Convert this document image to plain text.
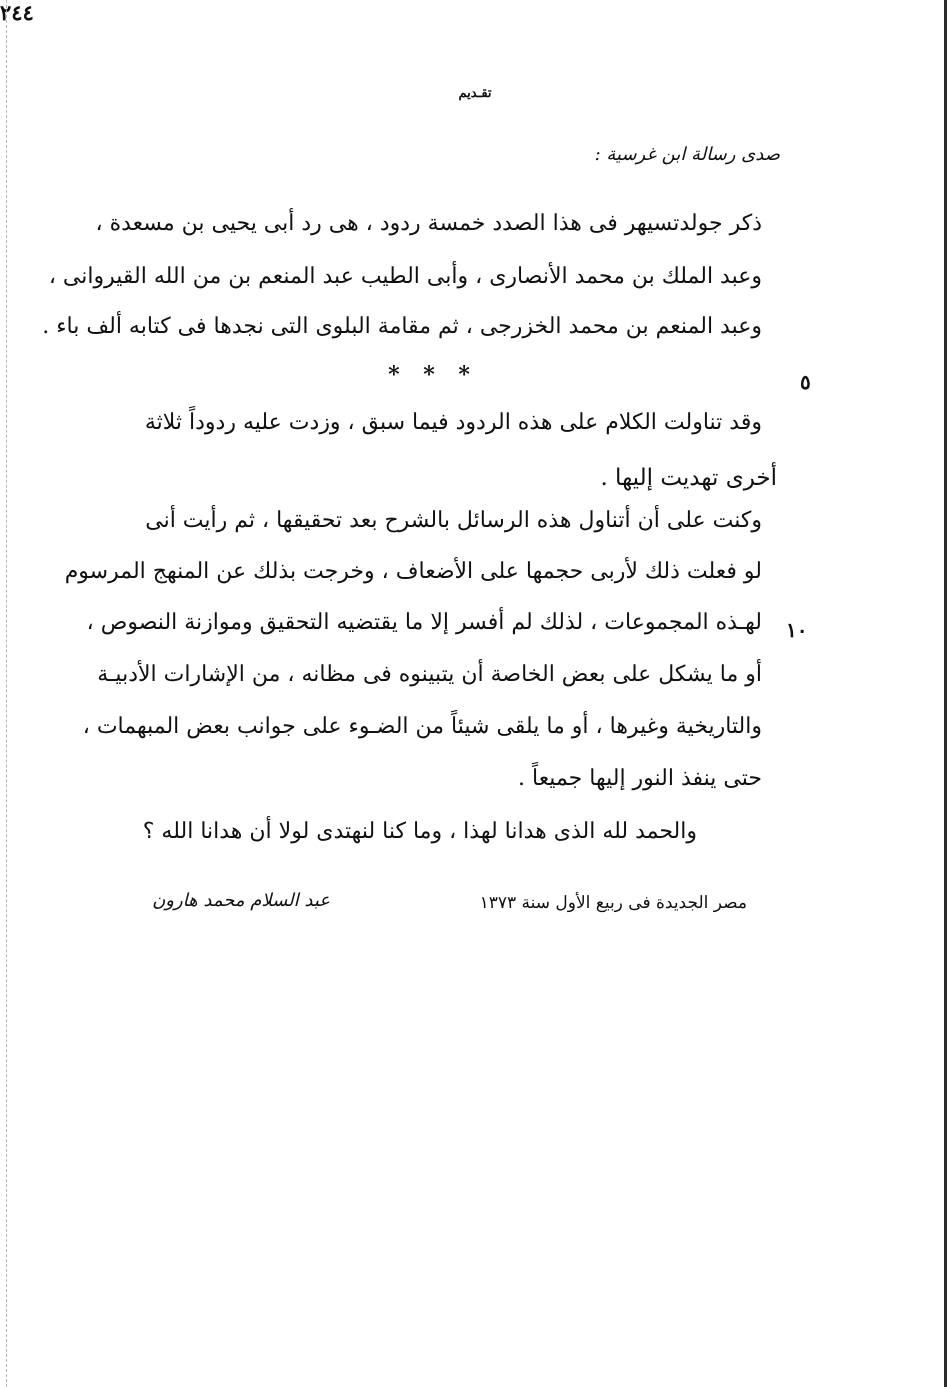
تقـديم
٢٤٤
صدى رسالة ابن غرسية :
ذكر جولدتسيهر فى هذا الصدد خمسة ردود ، هى رد أبى يحيى بن مسعدة ،
وعبد الملك بن محمد الأنصارى ، وأبى الطيب عبد المنعم بن من الله القيروانى ،
وعبد المنعم بن محمد الخزرجى ، ثم مقامة البلوى التى نجدها فى كتابه ألف باء .
* * *	٥
وقد تناولت الكلام على هذه الردود فيما سبق ، وزدت عليه ردوداً ثلاثة
أخرى تهديت إليها .
وكنت على أن أتناول هذه الرسائل بالشرح بعد تحقيقها ، ثم رأيت أنى
لو فعلت ذلك لأربى حجمها على الأضعاف ، وخرجت بذلك عن المنهج المرسوم
لهـذه المجموعات ، لذلك لم أفسر إلا ما يقتضيه التحقيق وموازنة النصوص ، ١٠
أو ما يشكل على بعض الخاصة أن يتبينوه فى مظانه ، من الإشارات الأدبيـة
والتاريخية وغيرها ، أو ما يلقى شيئاً من الضـوء على جوانب بعض المبهمات ،
حتى ينفذ النور إليها جميعاً .
والحمد لله الذى هدانا لهذا ، وما كنا لنهتدى لولا أن هدانا الله ؟
مصر الجديدة فى ربيع الأول سنة ١٣٧٣
عبد السلام محمد هارون
